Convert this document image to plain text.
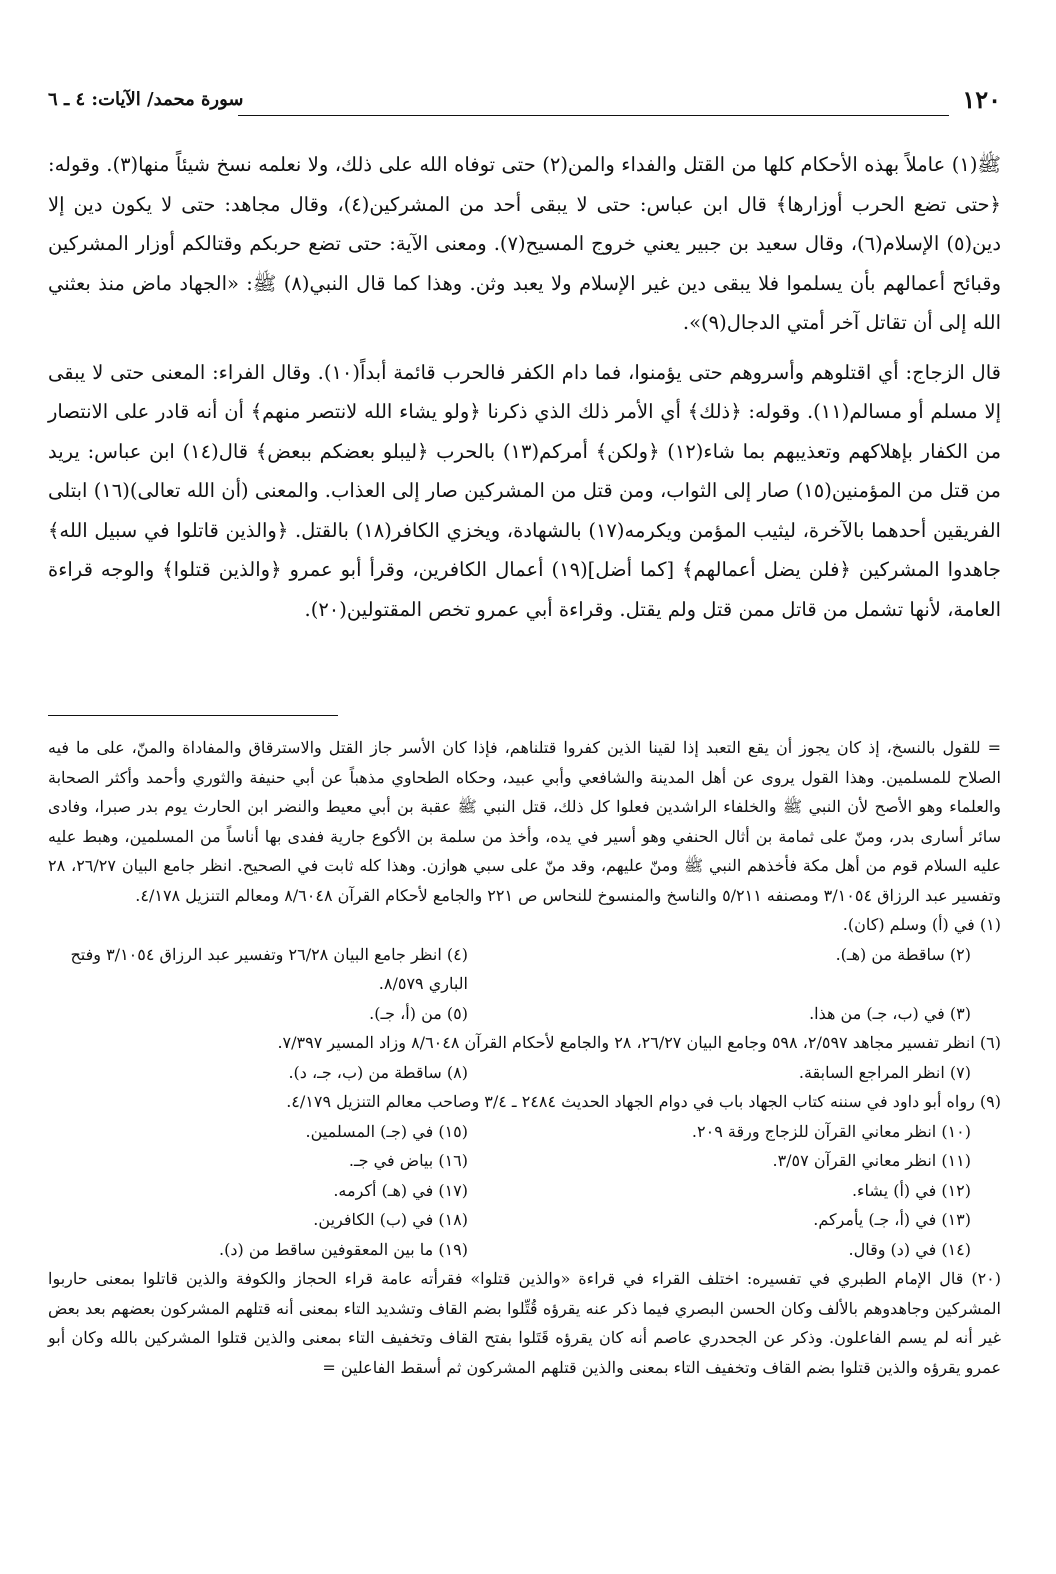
١٢٠
سورة محمد/ الآيات: ٤ ـ ٦

ﷺ(١) عاملاً بهذه الأحكام كلها من القتل والفداء والمن(٢) حتى توفاه الله على ذلك، ولا نعلمه نسخ شيئاً منها(٣). وقوله: ﴿حتى تضع الحرب أوزارها﴾ قال ابن عباس: حتى لا يبقى أحد من المشركين(٤)، وقال مجاهد: حتى لا يكون دين إلا دين(٥) الإسلام(٦)، وقال سعيد بن جبير يعني خروج المسيح(٧). ومعنى الآية: حتى تضع حربكم وقتالكم أوزار المشركين وقبائح أعمالهم بأن يسلموا فلا يبقى دين غير الإسلام ولا يعبد وثن. وهذا كما قال النبي(٨) ﷺ: «الجهاد ماض منذ بعثني الله إلى أن تقاتل آخر أمتي الدجال(٩)».

قال الزجاج: أي اقتلوهم وأسروهم حتى يؤمنوا، فما دام الكفر فالحرب قائمة أبداً(١٠). وقال الفراء: المعنى حتى لا يبقى إلا مسلم أو مسالم(١١). وقوله: ﴿ذلك﴾ أي الأمر ذلك الذي ذكرنا ﴿ولو يشاء الله لانتصر منهم﴾ أن أنه قادر على الانتصار من الكفار بإهلاكهم وتعذيبهم بما شاء(١٢) ﴿ولكن﴾ أمركم(١٣) بالحرب ﴿ليبلو بعضكم ببعض﴾ قال(١٤) ابن عباس: يريد من قتل من المؤمنين(١٥) صار إلى الثواب، ومن قتل من المشركين صار إلى العذاب. والمعنى (أن الله تعالى)(١٦) ابتلى الفريقين أحدهما بالآخرة، ليثيب المؤمن ويكرمه(١٧) بالشهادة، ويخزي الكافر(١٨) بالقتل. ﴿والذين قاتلوا في سبيل الله﴾ جاهدوا المشركين ﴿فلن يضل أعمالهم﴾ [كما أضل](١٩) أعمال الكافرين، وقرأ أبو عمرو ﴿والذين قتلوا﴾ والوجه قراءة العامة، لأنها تشمل من قاتل ممن قتل ولم يقتل. وقراءة أبي عمرو تخص المقتولين(٢٠).

= للقول بالنسخ، إذ كان يجوز أن يقع التعبد إذا لقينا الذين كفروا قتلناهم، فإذا كان الأسر جاز القتل والاسترقاق والمفاداة والمنّ، على ما فيه الصلاح للمسلمين. وهذا القول يروى عن أهل المدينة والشافعي وأبي عبيد، وحكاه الطحاوي مذهباً عن أبي حنيفة والثوري وأحمد وأكثر الصحابة والعلماء وهو الأصح لأن النبي ﷺ والخلفاء الراشدين فعلوا كل ذلك، قتل النبي ﷺ عقبة بن أبي معيط والنضر ابن الحارث يوم بدر صبرا، وفادى سائر أسارى بدر، ومنّ على ثمامة بن أثال الحنفي وهو أسير في يده، وأخذ من سلمة بن الأكوع جارية ففدى بها أناساً من المسلمين، وهبط عليه عليه السلام قوم من أهل مكة فأخذهم النبي ﷺ ومنّ عليهم، وقد منّ على سبي هوازن. وهذا كله ثابت في الصحيح. انظر جامع البيان ٢٦/٢٧، ٢٨ وتفسير عبد الرزاق ٣/١٠٥٤ ومصنفه ٥/٢١١ والناسخ والمنسوخ للنحاس ص ٢٢١ والجامع لأحكام القرآن ٨/٦٠٤٨ ومعالم التنزيل ٤/١٧٨.

(١) في (أ) وسلم (كان).

(٢) ساقطة من (هـ).
(٤) انظر جامع البيان ٢٦/٢٨ وتفسير عبد الرزاق ٣/١٠٥٤ وفتح الباري ٨/٥٧٩.
(٣) في (ب، جـ) من هذا.
(٥) من (أ، جـ).

(٦) انظر تفسير مجاهد ٢/٥٩٧، ٥٩٨ وجامع البيان ٢٦/٢٧، ٢٨ والجامع لأحكام القرآن ٨/٦٠٤٨ وزاد المسير ٧/٣٩٧.

(٧) انظر المراجع السابقة.
(٨) ساقطة من (ب، جـ، د).

(٩) رواه أبو داود في سننه كتاب الجهاد باب في دوام الجهاد الحديث ٢٤٨٤ ـ ٣/٤ وصاحب معالم التنزيل ٤/١٧٩.

(١٠) انظر معاني القرآن للزجاج ورقة ٢٠٩.
(١٥) في (جـ) المسلمين.
(١١) انظر معاني القرآن ٣/٥٧.
(١٦) بياض في جـ.
(١٢) في (أ) يشاء.
(١٧) في (هـ) أكرمه.
(١٣) في (أ، جـ) يأمركم.
(١٨) في (ب) الكافرين.
(١٤) في (د) وقال.
(١٩) ما بين المعقوفين ساقط من (د).

(٢٠) قال الإمام الطبري في تفسيره: اختلف القراء في قراءة «والذين قتلوا» فقرأته عامة قراء الحجاز والكوفة والذين قاتلوا بمعنى حاربوا المشركين وجاهدوهم بالألف وكان الحسن البصري فيما ذكر عنه يقرؤه قُتِّلوا بضم القاف وتشديد التاء بمعنى أنه قتلهم المشركون بعضهم بعد بعض غير أنه لم يسم الفاعلون. وذكر عن الجحدري عاصم أنه كان يقرؤه قَتَلوا بفتح القاف وتخفيف التاء بمعنى والذين قتلوا المشركين بالله وكان أبو عمرو يقرؤه والذين قتلوا بضم القاف وتخفيف التاء بمعنى والذين قتلهم المشركون ثم أسقط الفاعلين =
